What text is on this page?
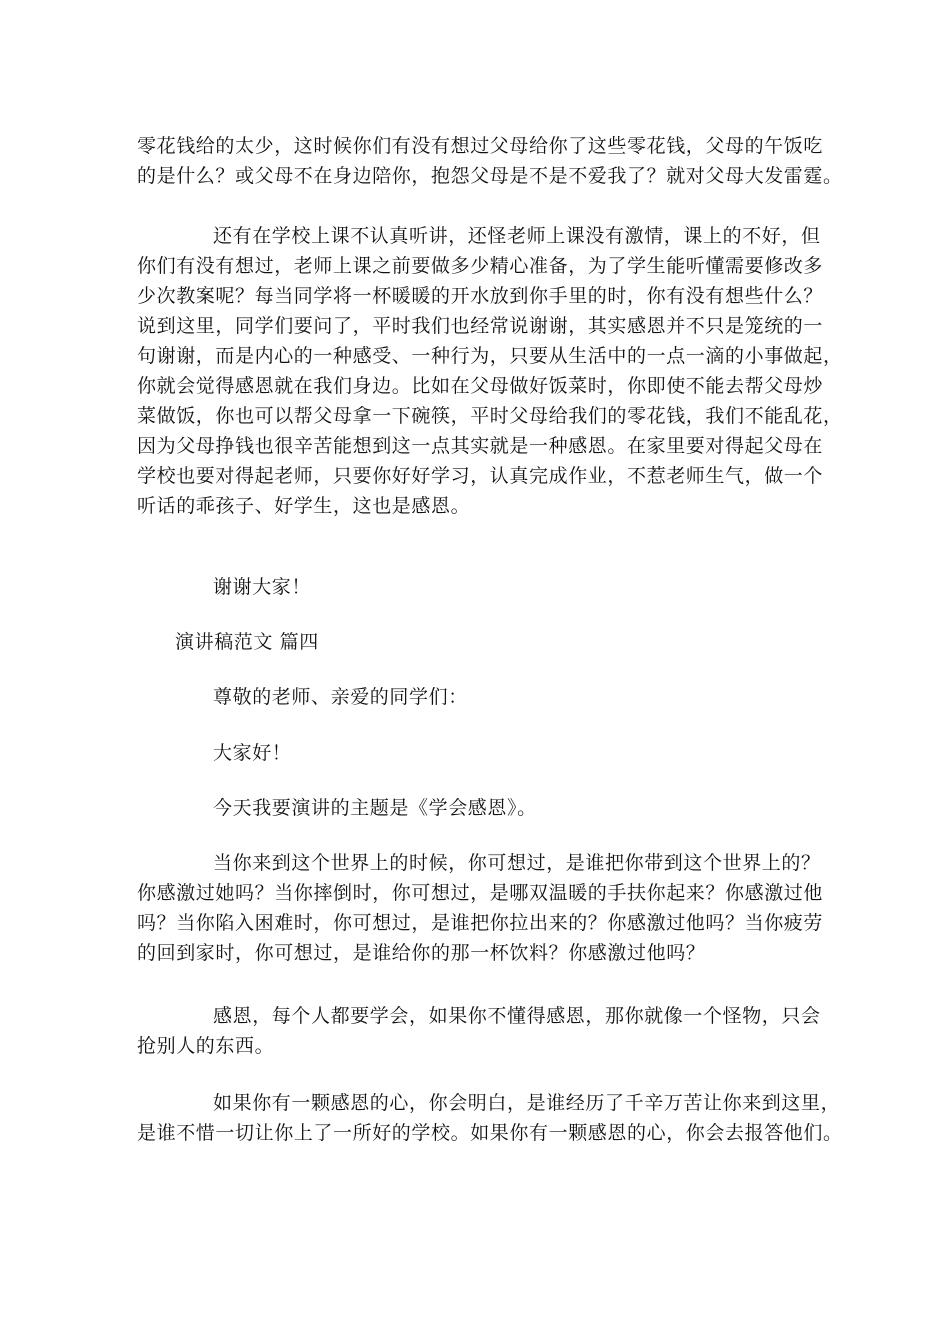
零花钱给的太少，这时候你们有没有想过父母给你了这些零花钱，父母的午饭吃
的是什么？或父母不在身边陪你，抱怨父母是不是不爱我了？就对父母大发雷霆。

还有在学校上课不认真听讲，还怪老师上课没有激情，课上的不好，但
你们有没有想过，老师上课之前要做多少精心准备，为了学生能听懂需要修改多
少次教案呢？每当同学将一杯暖暖的开水放到你手里的时，你有没有想些什么？
说到这里，同学们要问了，平时我们也经常说谢谢，其实感恩并不只是笼统的一
句谢谢，而是内心的一种感受、一种行为，只要从生活中的一点一滴的小事做起，
你就会觉得感恩就在我们身边。比如在父母做好饭菜时，你即使不能去帮父母炒
菜做饭，你也可以帮父母拿一下碗筷，平时父母给我们的零花钱，我们不能乱花，
因为父母挣钱也很辛苦能想到这一点其实就是一种感恩。在家里要对得起父母在
学校也要对得起老师，只要你好好学习，认真完成作业，不惹老师生气，做一个
听话的乖孩子、好学生，这也是感恩。

谢谢大家！

演讲稿范文 篇四

尊敬的老师、亲爱的同学们：

大家好！

今天我要演讲的主题是《学会感恩》。

当你来到这个世界上的时候，你可想过，是谁把你带到这个世界上的？
你感激过她吗？当你摔倒时，你可想过，是哪双温暖的手扶你起来？你感激过他
吗？当你陷入困难时，你可想过，是谁把你拉出来的？你感激过他吗？当你疲劳
的回到家时，你可想过，是谁给你的那一杯饮料？你感激过他吗？

感恩，每个人都要学会，如果你不懂得感恩，那你就像一个怪物，只会
抢别人的东西。

如果你有一颗感恩的心，你会明白，是谁经历了千辛万苦让你来到这里，
是谁不惜一切让你上了一所好的学校。如果你有一颗感恩的心，你会去报答他们。
